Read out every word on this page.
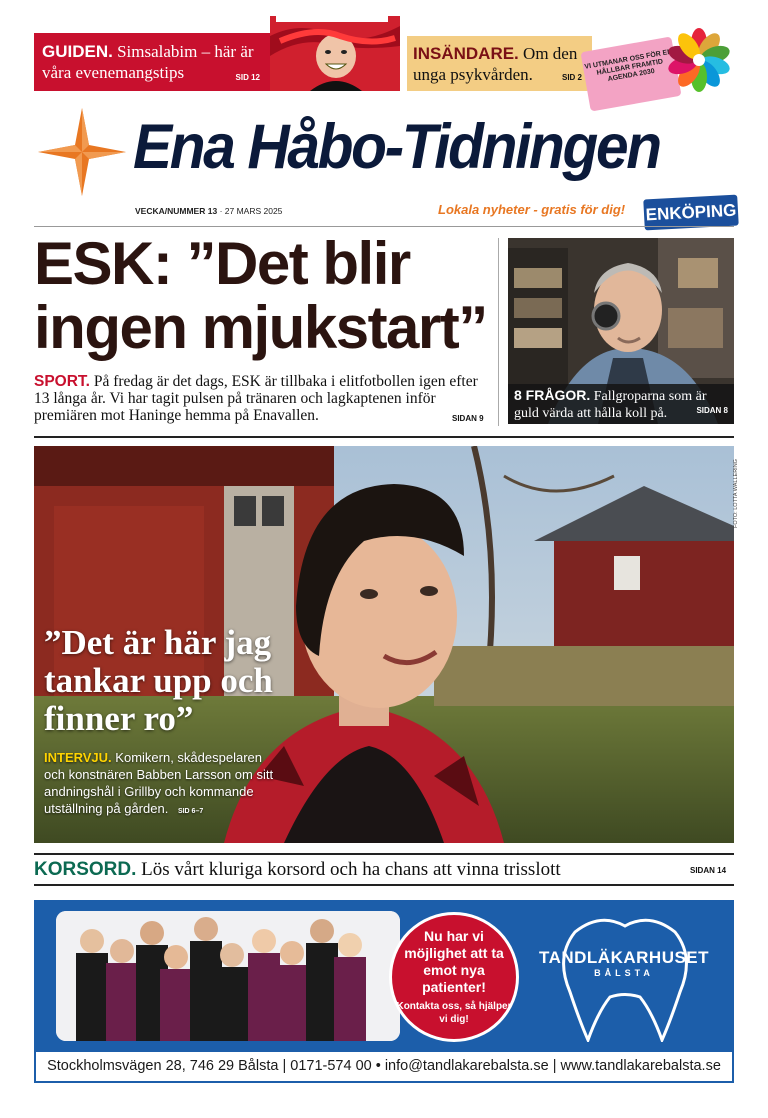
GUIDEN. Simsalabim – här är våra evenemangstips	SID 12
INSÄNDARE. Om den unga psykvården.	SID 2
VI UTMANAR OSS FÖR EN HÅLLBAR FRAMTID AGENDA 2030
Ena Håbo-Tidningen
VECKA/NUMMER 13 · 27 MARS 2025	Lokala nyheter - gratis för dig! ENKÖPING
ESK: ”Det blir ingen mjukstart”
SPORT. På fredag är det dags, ESK är tillbaka i elitfotbollen igen efter 13 långa år. Vi har tagit pulsen på tränaren och lagkaptenen inför premiären mot Haninge hemma på Enavallen.	SIDAN 9
8 FRÅGOR. Fallgroparna som är guld värda att hålla koll på.	SIDAN 8
FOTO: LOTTA WALLERING
”Det är här jag tankar upp och finner ro”
INTERVJU. Komikern, skådespelaren och konstnären Babben Larsson om sitt andningshål i Grillby och kommande utställning på gården. SID 6–7
KORSORD. Lös vårt kluriga korsord och ha chans att vinna trisslott	SIDAN 14
Nu har vi möjlighet att ta emot nya patienter!
Kontakta oss, så hjälper vi dig!
TANDLÄKARHUSET
BÅLSTA
Stockholmsvägen 28, 746 29 Bålsta | 0171-574 00 • info@tandlakarebalsta.se | www.tandlakarebalsta.se
